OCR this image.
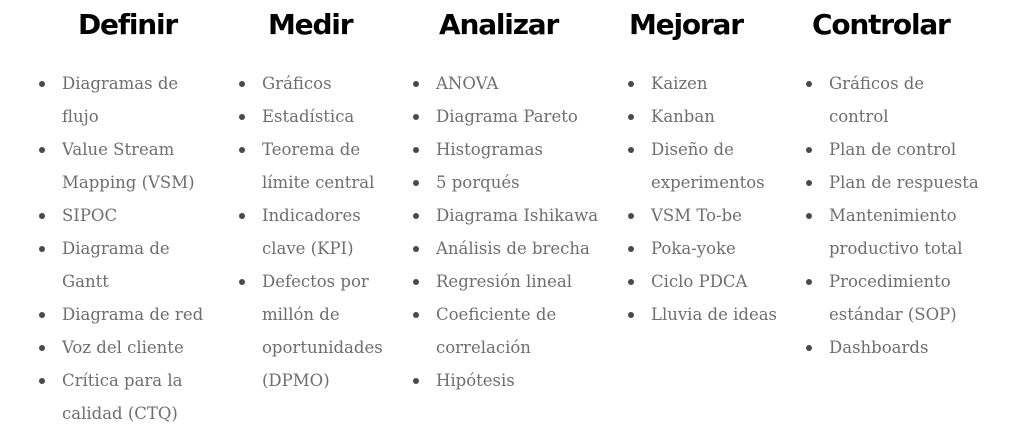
Definir
Diagramas de
flujo
Value Stream
Mapping (VSM)
SIPOC
Diagrama de
Gantt
Diagrama de red
Voz del cliente
Crítica para la
calidad (CTQ)
Medir
Gráficos
Estadística
Teorema de
límite central
Indicadores
clave (KPI)
Defectos por
millón de
oportunidades
(DPMO)
Analizar
ANOVA
Diagrama Pareto
Histogramas
5 porqués
Diagrama Ishikawa
Análisis de brecha
Regresión lineal
Coeficiente de
correlación
Hipótesis
Mejorar
Kaizen
Kanban
Diseño de
experimentos
VSM To-be
Poka-yoke
Ciclo PDCA
Lluvia de ideas
Controlar
Gráficos de
control
Plan de control
Plan de respuesta
Mantenimiento
productivo total
Procedimiento
estándar (SOP)
Dashboards
